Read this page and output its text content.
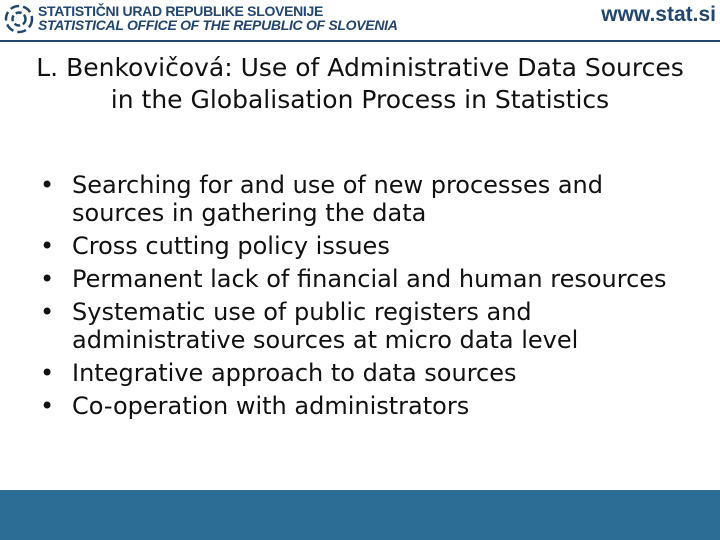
STATISTIČNI URAD REPUBLIKE SLOVENIJE
STATISTICAL OFFICE OF THE REPUBLIC OF SLOVENIA	www.stat.si
L. Benkovičová: Use of Administrative Data Sources in the Globalisation Process in Statistics
• Searching for and use of new processes and sources in gathering the data
• Cross cutting policy issues
• Permanent lack of financial and human resources
• Systematic use of public registers and administrative sources at micro data level
• Integrative approach to data sources
• Co-operation with administrators
